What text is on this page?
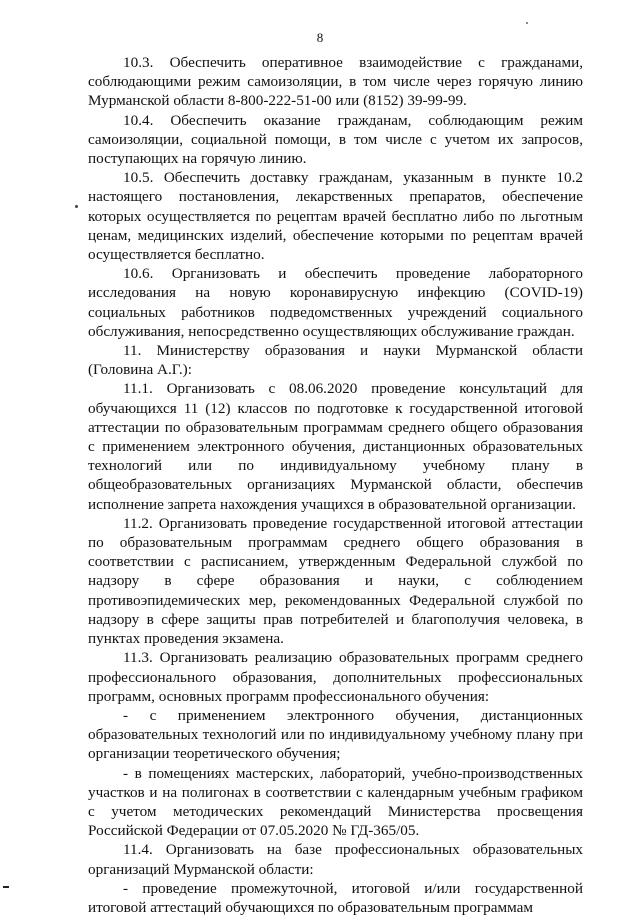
8

10.3. Обеспечить оперативное взаимодействие с гражданами, соблюдающими режим самоизоляции, в том числе через горячую линию Мурманской области 8-800-222-51-00 или (8152) 39-99-99.

10.4. Обеспечить оказание гражданам, соблюдающим режим самоизоляции, социальной помощи, в том числе с учетом их запросов, поступающих на горячую линию.

10.5. Обеспечить доставку гражданам, указанным в пункте 10.2 настоящего постановления, лекарственных препаратов, обеспечение которых осуществляется по рецептам врачей бесплатно либо по льготным ценам, медицинских изделий, обеспечение которыми по рецептам врачей осуществляется бесплатно.

10.6. Организовать и обеспечить проведение лабораторного исследования на новую коронавирусную инфекцию (COVID-19) социальных работников подведомственных учреждений социального обслуживания, непосредственно осуществляющих обслуживание граждан.

11. Министерству образования и науки Мурманской области (Головина А.Г.):

11.1. Организовать с 08.06.2020 проведение консультаций для обучающихся 11 (12) классов по подготовке к государственной итоговой аттестации по образовательным программам среднего общего образования с применением электронного обучения, дистанционных образовательных технологий или по индивидуальному учебному плану в общеобразовательных организациях Мурманской области, обеспечив исполнение запрета нахождения учащихся в образовательной организации.

11.2. Организовать проведение государственной итоговой аттестации по образовательным программам среднего общего образования в соответствии с расписанием, утвержденным Федеральной службой по надзору в сфере образования и науки, с соблюдением противоэпидемических мер, рекомендованных Федеральной службой по надзору в сфере защиты прав потребителей и благополучия человека, в пунктах проведения экзамена.

11.3. Организовать реализацию образовательных программ среднего профессионального образования, дополнительных профессиональных программ, основных программ профессионального обучения:

- с применением электронного обучения, дистанционных образовательных технологий или по индивидуальному учебному плану при организации теоретического обучения;

- в помещениях мастерских, лабораторий, учебно-производственных участков и на полигонах в соответствии с календарным учебным графиком с учетом методических рекомендаций Министерства просвещения Российской Федерации от 07.05.2020 № ГД-365/05.

11.4. Организовать на базе профессиональных образовательных организаций Мурманской области:

- проведение промежуточной, итоговой и/или государственной итоговой аттестаций обучающихся по образовательным программам
